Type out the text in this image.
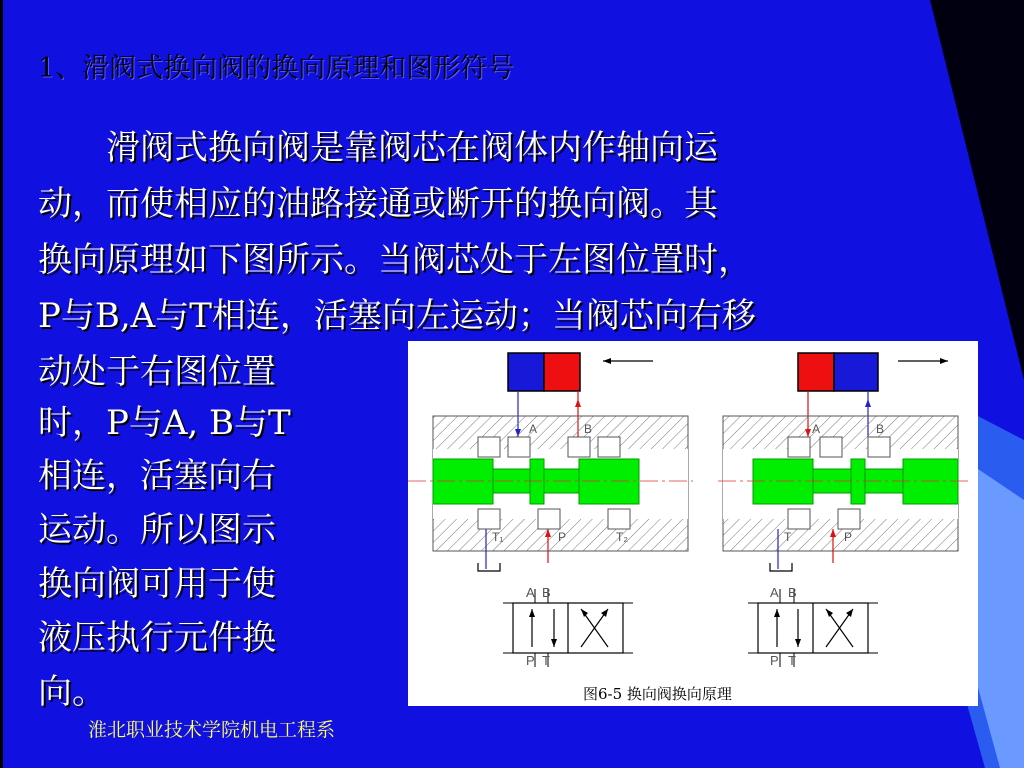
1、滑阀式换向阀的换向原理和图形符号
　　滑阀式换向阀是靠阀芯在阀体内作轴向运
动，而使相应的油路接通或断开的换向阀。其
换向原理如下图所示。当阀芯处于左图位置时，
P与B,A与T相连，活塞向左运动；当阀芯向右移
动处于右图位置
时，P与A, B与T
相连，活塞向右
运动。所以图示
换向阀可用于使
液压执行元件换
向。
A	B
T₁	P	T₂
A B
P T
A	B
T	P
A B
P T
图6-5 换向阀换向原理
淮北职业技术学院机电工程系
